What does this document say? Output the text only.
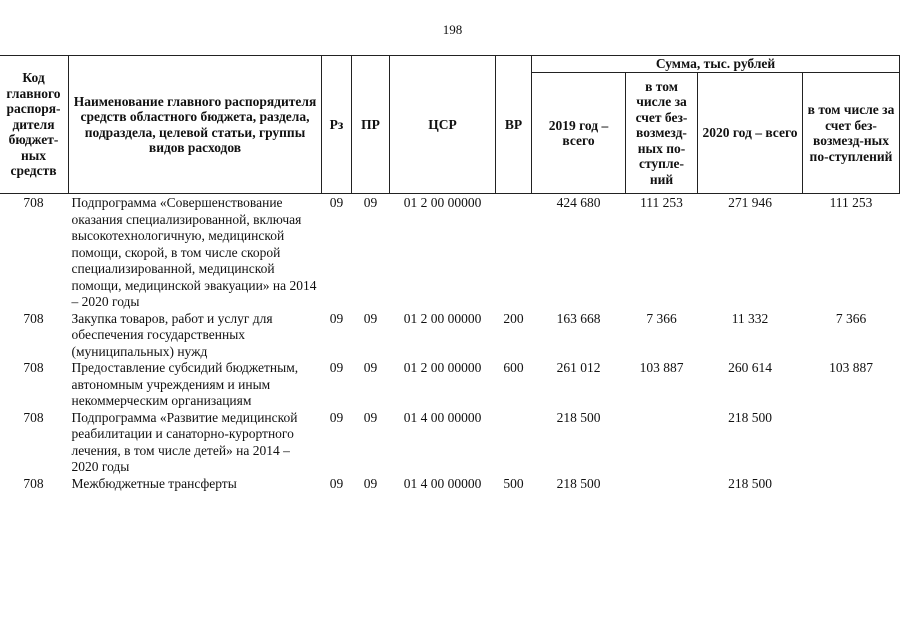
198
Код главного распоря-дителя бюджет-ных средств	Наименование главного распорядителя средств областного бюджета, раздела, подраздела, целевой статьи, группы видов расходов	Рз	ПР	ЦСР	ВР	Сумма, тыс. рублей			
						2019 год – всего	в том числе за счет без-возмезд-ных по-ступле-ний	2020 год – всего	в том числе за счет без-возмезд-ных по-ступлений
708	Подпрограмма «Совершенствование оказания специализированной, включая высокотехнологичную, медицинской помощи, скорой, в том числе скорой специализированной, медицинской помощи, медицинской эвакуации» на 2014 – 2020 годы	09	09	01 2 00 00000		424 680	111 253	271 946	111 253
708	Закупка товаров, работ и услуг для обеспечения государственных (муниципальных) нужд	09	09	01 2 00 00000	200	163 668	7 366	11 332	7 366
708	Предоставление субсидий бюджетным, автономным учреждениям и иным некоммерческим организациям	09	09	01 2 00 00000	600	261 012	103 887	260 614	103 887
708	Подпрограмма «Развитие медицинской реабилитации и санаторно-курортного лечения, в том числе детей» на 2014 – 2020 годы	09	09	01 4 00 00000		218 500		218 500	
708	Межбюджетные трансферты	09	09	01 4 00 00000	500	218 500		218 500	
